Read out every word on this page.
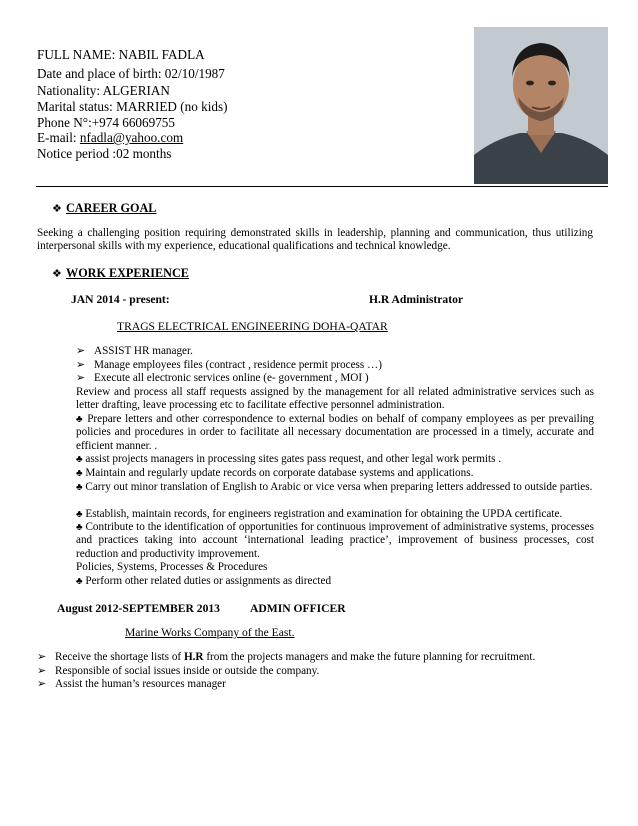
FULL NAME: NABIL FADLA
Date and place of birth: 02/10/1987
Nationality: ALGERIAN
Marital status: MARRIED (no kids)
Phone N°:+974 66069755
E-mail: nfadla@yahoo.com
Notice period :02 months
❖ CAREER GOAL
Seeking a challenging position requiring demonstrated skills in leadership, planning and communication, thus utilizing interpersonal skills with my experience, educational qualifications and technical knowledge.
❖ WORK EXPERIENCE
JAN 2014 - present:	H.R Administrator
TRAGS ELECTRICAL ENGINEERING DOHA-QATAR
➢ ASSIST HR manager.
➢ Manage employees files (contract , residence permit process …)
➢ Execute all electronic services online (e- government , MOI )
Review and process all staff requests assigned by the management for all related administrative services such as letter drafting, leave processing etc to facilitate effective personnel administration.
♣ Prepare letters and other correspondence to external bodies on behalf of company employees as per prevailing policies and procedures in order to facilitate all necessary documentation are processed in a timely, accurate and efficient manner. .
♣ assist projects managers in processing sites gates pass request, and other legal work permits .
♣ Maintain and regularly update records on corporate database systems and applications.
♣ Carry out minor translation of English to Arabic or vice versa when preparing letters addressed to outside parties.
♣ Establish, maintain records, for engineers registration and examination for obtaining the UPDA certificate.
♣ Contribute to the identification of opportunities for continuous improvement of administrative systems, processes and practices taking into account ‘international leading practice’, improvement of business processes, cost reduction and productivity improvement.
Policies, Systems, Processes & Procedures
♣ Perform other related duties or assignments as directed
August 2012-SEPTEMBER 2013	ADMIN OFFICER
Marine Works Company of the East.
➢ Receive the shortage lists of H.R from the projects managers and make the future planning for recruitment.
➢ Responsible of social issues inside or outside the company.
➢ Assist the human’s resources manager
